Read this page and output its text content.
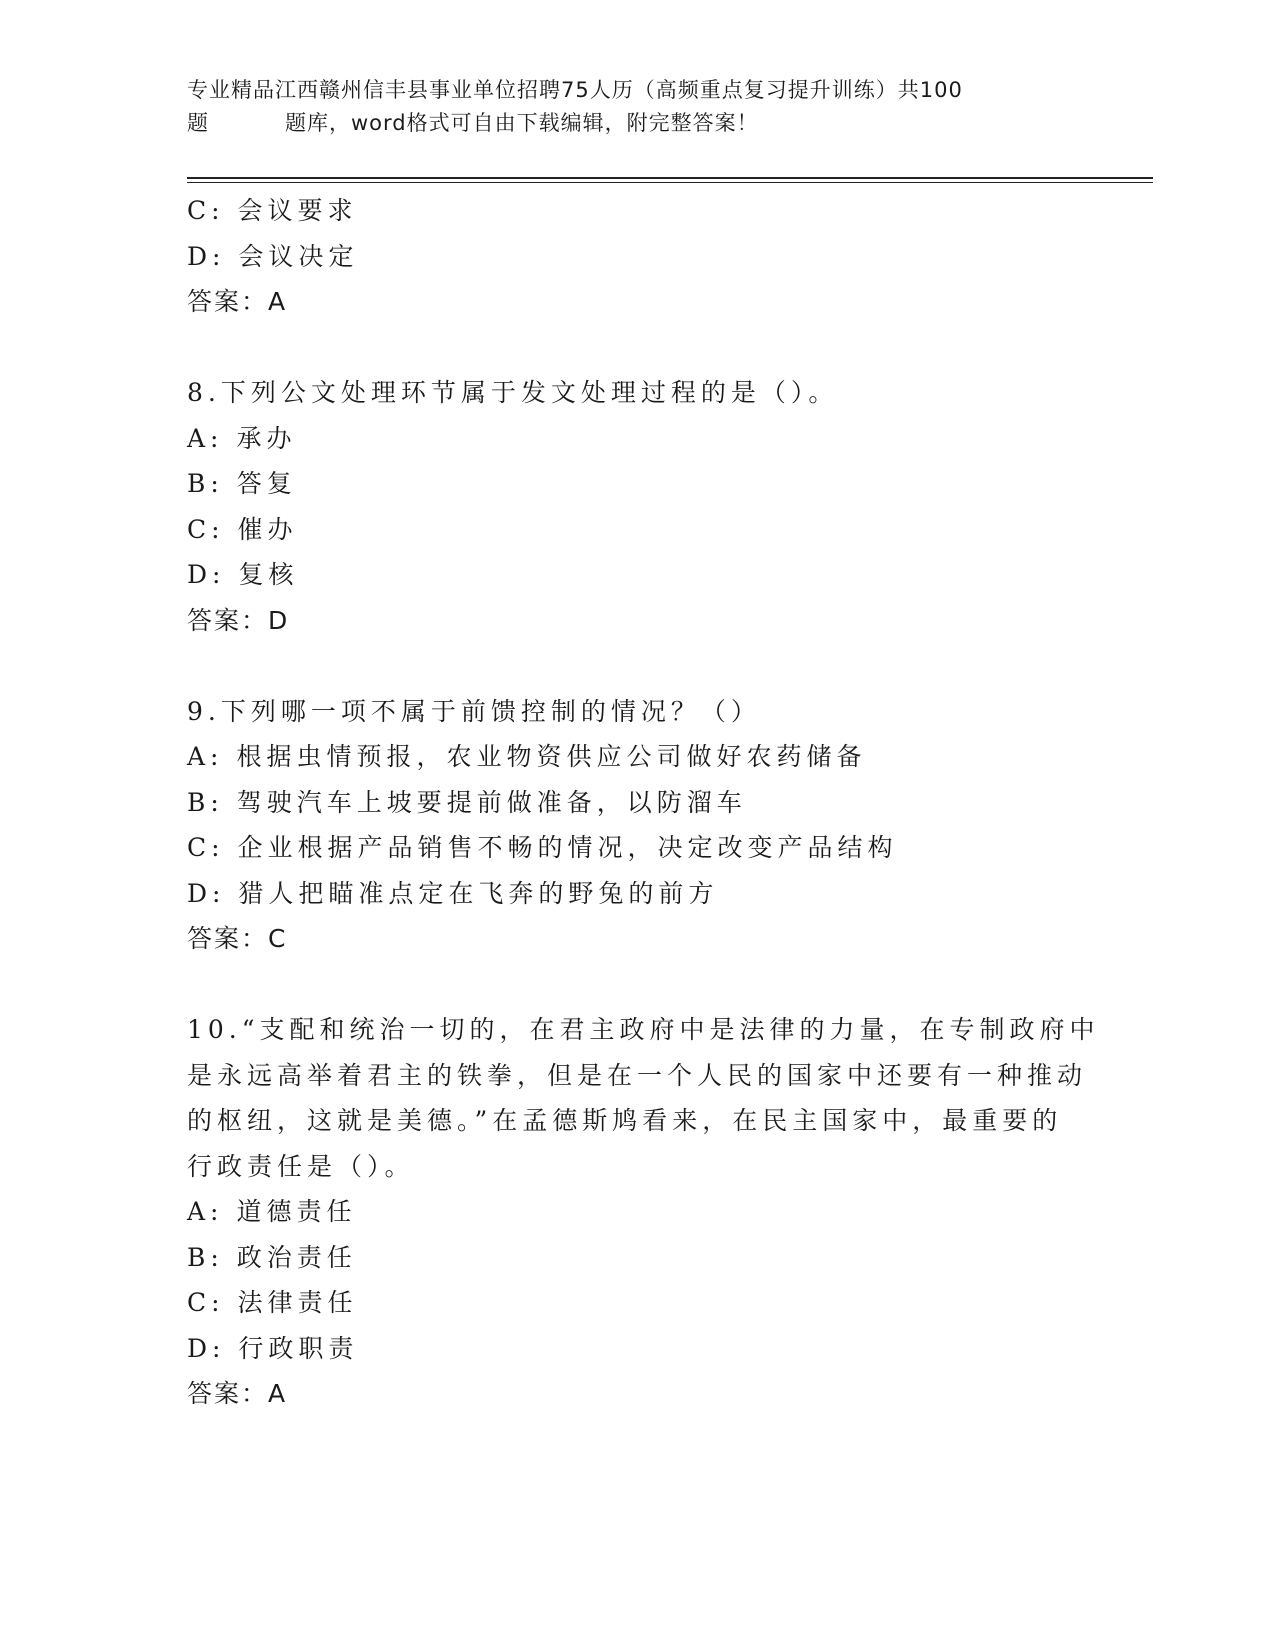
专业精品江西赣州信丰县事业单位招聘75人历（高频重点复习提升训练）共100
题	题库，word格式可自由下载编辑，附完整答案！
C: 会议要求
D: 会议决定
答案：A
8.下列公文处理环节属于发文处理过程的是（）。
A: 承办
B: 答复
C: 催办
D: 复核
答案：D
9.下列哪一项不属于前馈控制的情况？（）
A: 根据虫情预报，农业物资供应公司做好农药储备
B: 驾驶汽车上坡要提前做准备，以防溜车
C: 企业根据产品销售不畅的情况，决定改变产品结构
D: 猎人把瞄准点定在飞奔的野兔的前方
答案：C
10.“支配和统治一切的，在君主政府中是法律的力量，在专制政府中
是永远高举着君主的铁拳，但是在一个人民的国家中还要有一种推动
的枢纽，这就是美德。”在孟德斯鸠看来，在民主国家中，最重要的
行政责任是（）。
A: 道德责任
B: 政治责任
C: 法律责任
D: 行政职责
答案：A
